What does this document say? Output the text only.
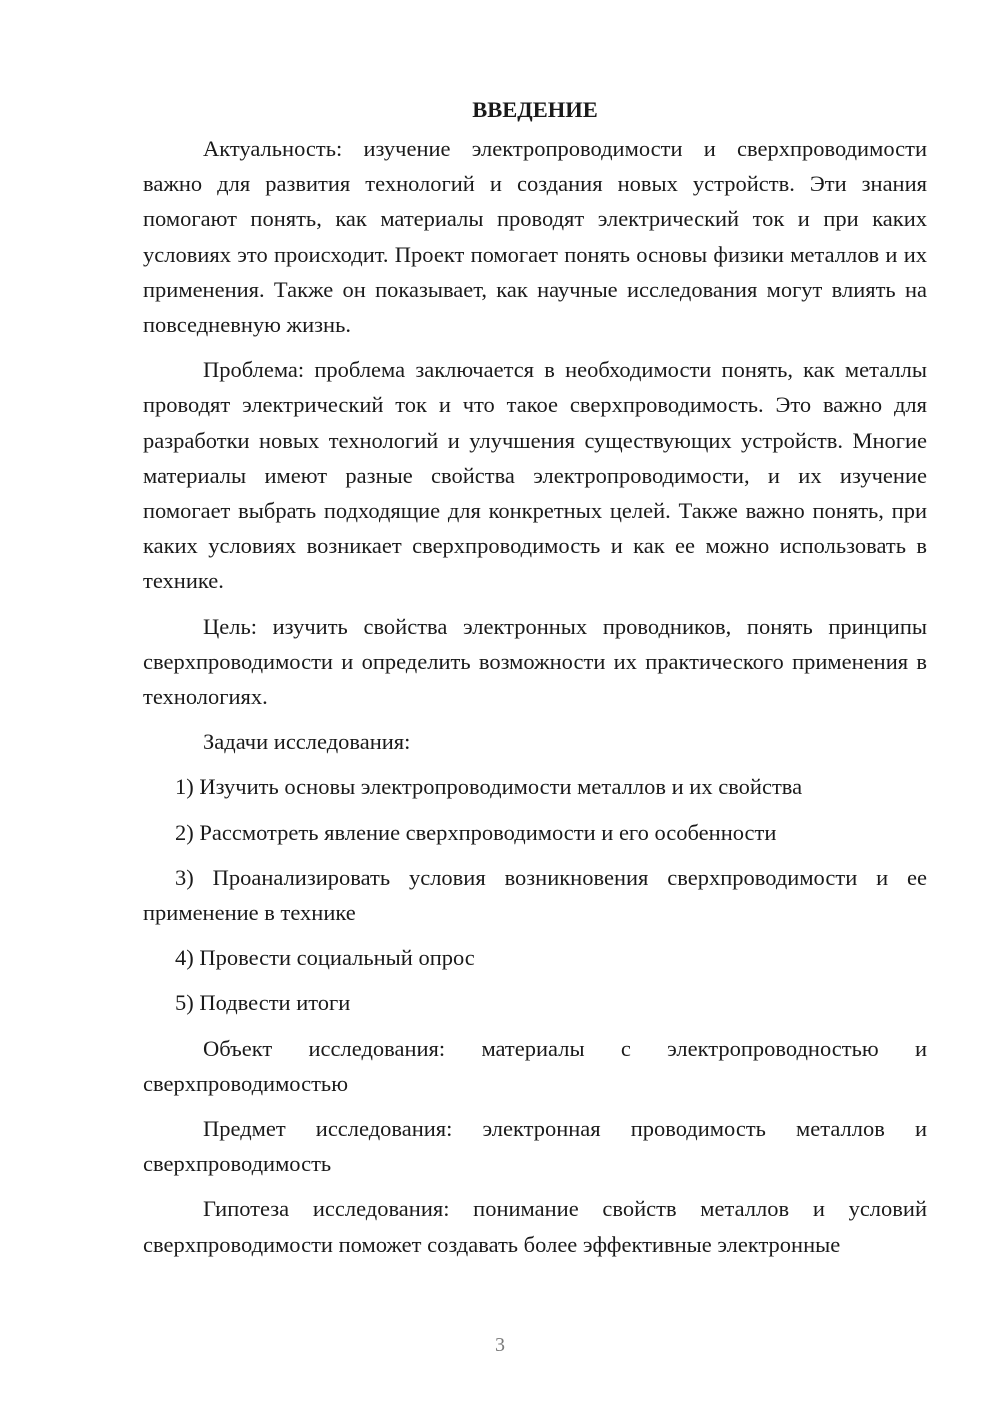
ВВЕДЕНИЕ

Актуальность: изучение электропроводимости и сверхпроводимости важно для развития технологий и создания новых устройств. Эти знания помогают понять, как материалы проводят электрический ток и при каких условиях это происходит. Проект помогает понять основы физики металлов и их применения. Также он показывает, как научные исследования могут влиять на повседневную жизнь.

Проблема: проблема заключается в необходимости понять, как металлы проводят электрический ток и что такое сверхпроводимость. Это важно для разработки новых технологий и улучшения существующих устройств. Многие материалы имеют разные свойства электропроводимости, и их изучение помогает выбрать подходящие для конкретных целей. Также важно понять, при каких условиях возникает сверхпроводимость и как ее можно использовать в технике.

Цель: изучить свойства электронных проводников, понять принципы сверхпроводимости и определить возможности их практического применения в технологиях.

Задачи исследования:

1) Изучить основы электропроводимости металлов и их свойства

2) Рассмотреть явление сверхпроводимости и его особенности

3) Проанализировать условия возникновения сверхпроводимости и ее применение в технике

4) Провести социальный опрос

5) Подвести итоги

Объект исследования: материалы с электропроводностью и сверхпроводимостью

Предмет исследования: электронная проводимость металлов и сверхпроводимость

Гипотеза исследования: понимание свойств металлов и условий сверхпроводимости поможет создавать более эффективные электронные

3
